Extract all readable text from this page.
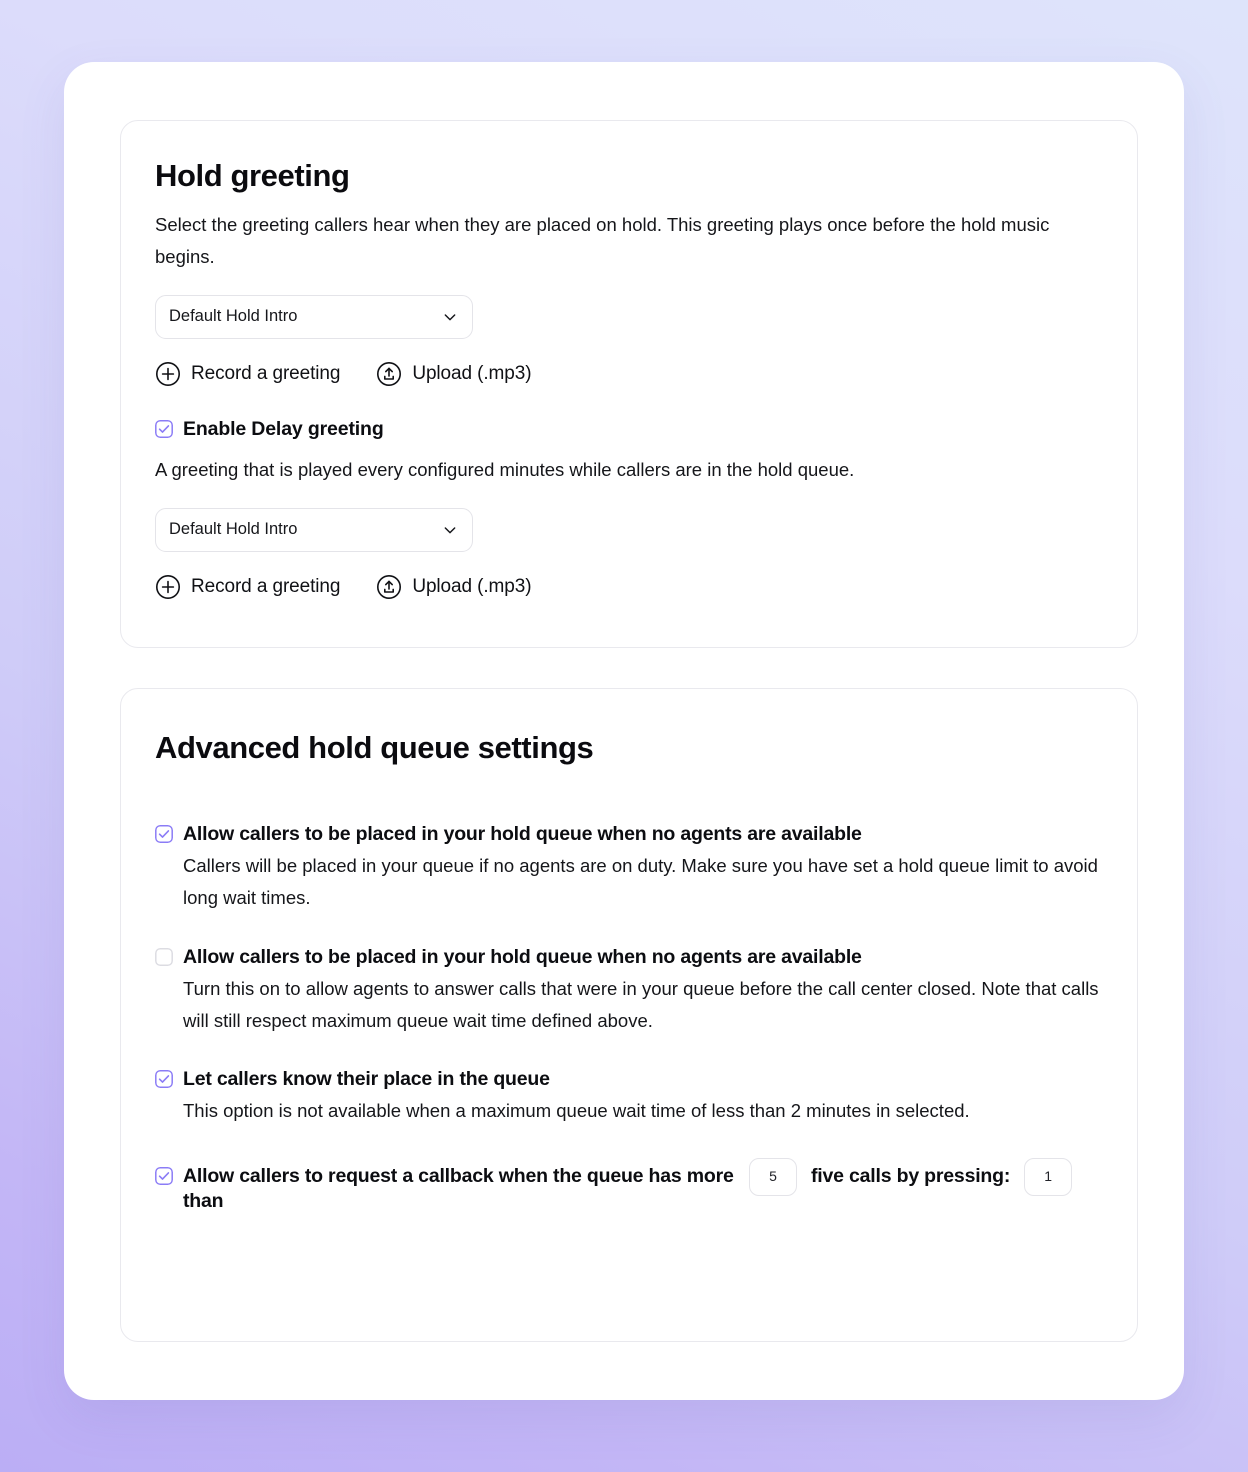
Hold greeting

Select the greeting callers hear when they are placed on hold. This greeting plays once before the hold music begins.

Default Hold Intro
Record a greeting	Upload (.mp3)
Enable Delay greeting

A greeting that is played every configured minutes while callers are in the hold queue.

Default Hold Intro
Record a greeting	Upload (.mp3)
Advanced hold queue settings
Allow callers to be placed in your hold queue when no agents are available
Callers will be placed in your queue if no agents are on duty. Make sure you have set a hold queue limit to avoid long wait times.
Allow callers to be placed in your hold queue when no agents are available
Turn this on to allow agents to answer calls that were in your queue before the call center closed. Note that calls will still respect maximum queue wait time defined above.
Let callers know their place in the queue
This option is not available when a maximum queue wait time of less than 2 minutes in selected.
Allow callers to request a callback when the queue has more than
5	five calls by pressing:	1
